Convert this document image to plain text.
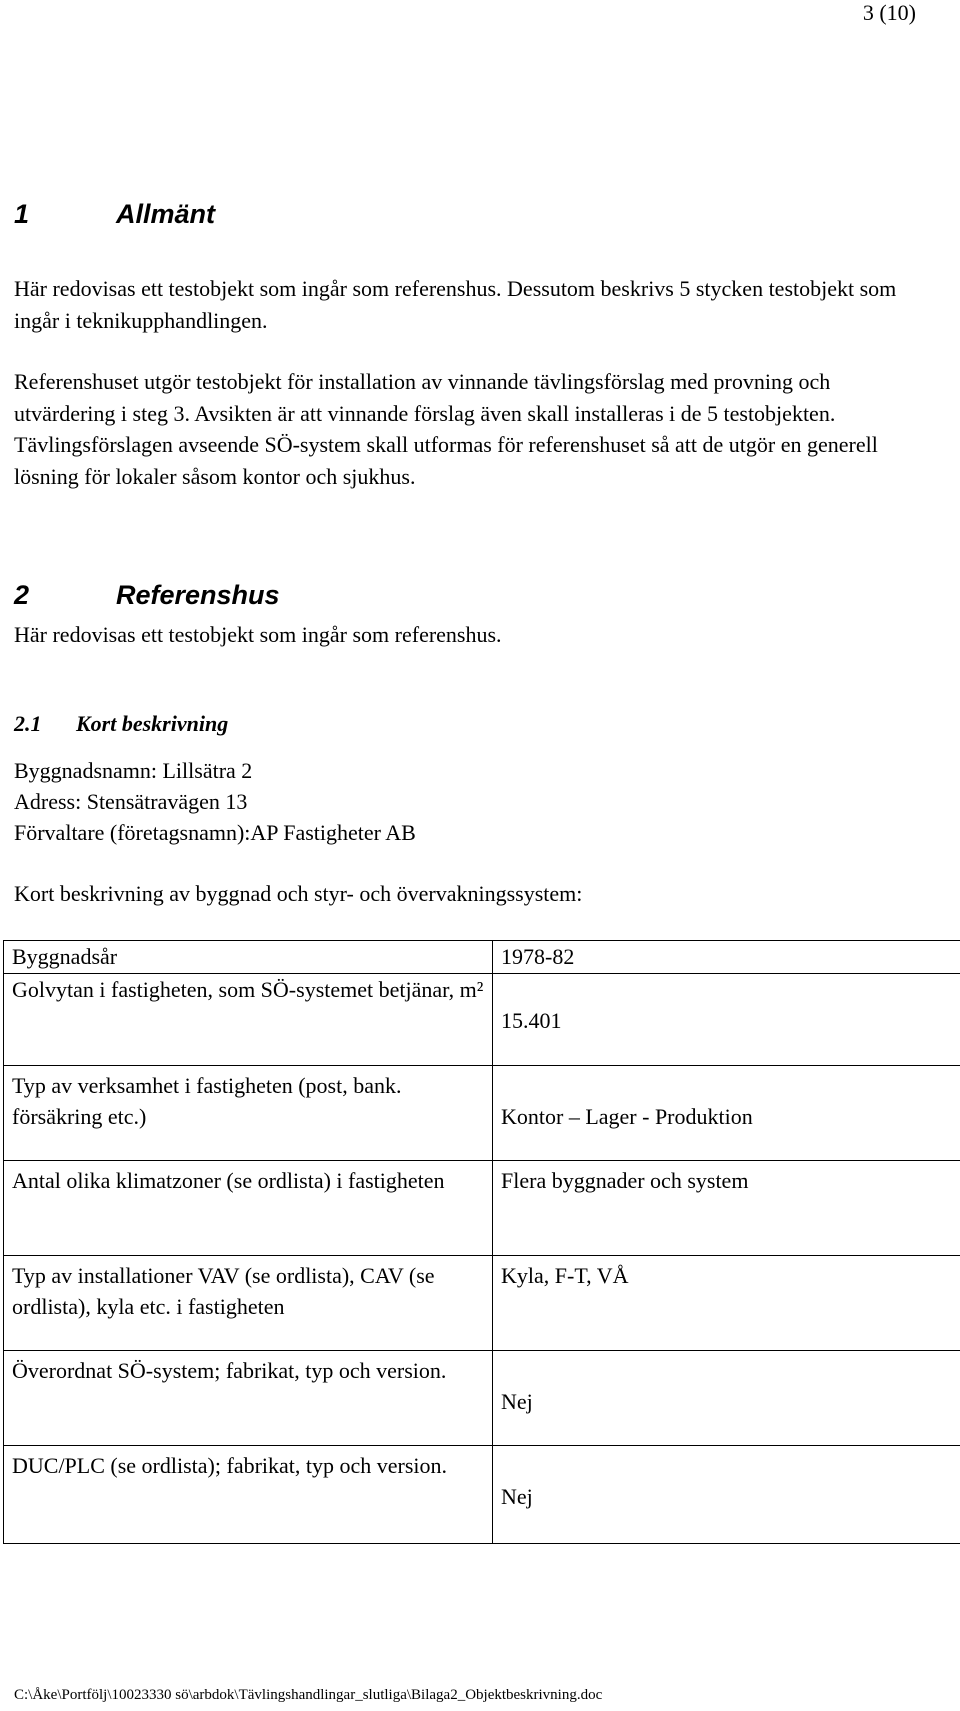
3 (10)
1	Allmänt

Här redovisas ett testobjekt som ingår som referenshus. Dessutom beskrivs 5 stycken testobjekt som ingår i teknikupphandlingen.

Referenshuset utgör testobjekt för installation av vinnande tävlingsförslag med provning och utvärdering i steg 3. Avsikten är att vinnande förslag även skall installeras i de 5 testobjekten. Tävlingsförslagen avseende SÖ-system skall utformas för referenshuset så att de utgör en generell lösning för lokaler såsom kontor och sjukhus.

2	Referenshus

Här redovisas ett testobjekt som ingår som referenshus.

2.1 Kort beskrivning
Byggnadsnamn: Lillsätra 2
Adress: Stensätravägen 13
Förvaltare (företagsnamn):AP Fastigheter AB
Kort beskrivning av byggnad och styr- och övervakningssystem:
Byggnadsår	1978-82
Golvytan i fastigheten, som SÖ-systemet betjänar, m²	15.401

Typ av verksamhet i fastigheten (post, bank. försäkring etc.)	Kontor – Lager - Produktion

Antal olika klimatzoner (se ordlista) i fastigheten	Flera byggnader och system

Typ av installationer VAV (se ordlista), CAV (se ordlista), kyla etc. i fastigheten	Kyla, F-T, VÅ

Överordnat SÖ-system; fabrikat, typ och version.	Nej

DUC/PLC (se ordlista); fabrikat, typ och version.	Nej
C:\Åke\Portfölj\10023330 sö\arbdok\Tävlingshandlingar_slutliga\Bilaga2_Objektbeskrivning.doc
